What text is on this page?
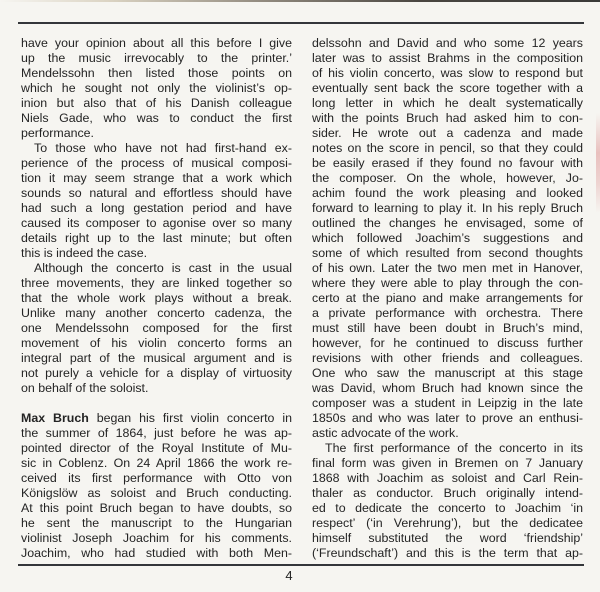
have your opinion about all this before I give
up the music irrevocably to the printer.’
Mendelssohn then listed those points on
which he sought not only the violinist’s op-
inion but also that of his Danish colleague
Niels Gade, who was to conduct the first
performance.
To those who have not had first-hand ex-
perience of the process of musical composi-
tion it may seem strange that a work which
sounds so natural and effortless should have
had such a long gestation period and have
caused its composer to agonise over so many
details right up to the last minute; but often
this is indeed the case.
Although the concerto is cast in the usual
three movements, they are linked together so
that the whole work plays without a break.
Unlike many another concerto cadenza, the
one Mendelssohn composed for the first
movement of his violin concerto forms an
integral part of the musical argument and is
not purely a vehicle for a display of virtuosity
on behalf of the soloist.
Max Bruch began his first violin concerto in
the summer of 1864, just before he was ap-
pointed director of the Royal Institute of Mu-
sic in Coblenz. On 24 April 1866 the work re-
ceived its first performance with Otto von
Königslöw as soloist and Bruch conducting.
At this point Bruch began to have doubts, so
he sent the manuscript to the Hungarian
violinist Joseph Joachim for his comments.
Joachim, who had studied with both Men-
delssohn and David and who some 12 years
later was to assist Brahms in the composition
of his violin concerto, was slow to respond but
eventually sent back the score together with a
long letter in which he dealt systematically
with the points Bruch had asked him to con-
sider. He wrote out a cadenza and made
notes on the score in pencil, so that they could
be easily erased if they found no favour with
the composer. On the whole, however, Jo-
achim found the work pleasing and looked
forward to learning to play it. In his reply Bruch
outlined the changes he envisaged, some of
which followed Joachim’s suggestions and
some of which resulted from second thoughts
of his own. Later the two men met in Hanover,
where they were able to play through the con-
certo at the piano and make arrangements for
a private performance with orchestra. There
must still have been doubt in Bruch’s mind,
however, for he continued to discuss further
revisions with other friends and colleagues.
One who saw the manuscript at this stage
was David, whom Bruch had known since the
composer was a student in Leipzig in the late
1850s and who was later to prove an enthusi-
astic advocate of the work.
The first performance of the concerto in its
final form was given in Bremen on 7 January
1868 with Joachim as soloist and Carl Rein-
thaler as conductor. Bruch originally intend-
ed to dedicate the concerto to Joachim ‘in
respect’ (‘in Verehrung’), but the dedicatee
himself substituted the word ‘friendship’
(‘Freundschaft’) and this is the term that ap-
4
